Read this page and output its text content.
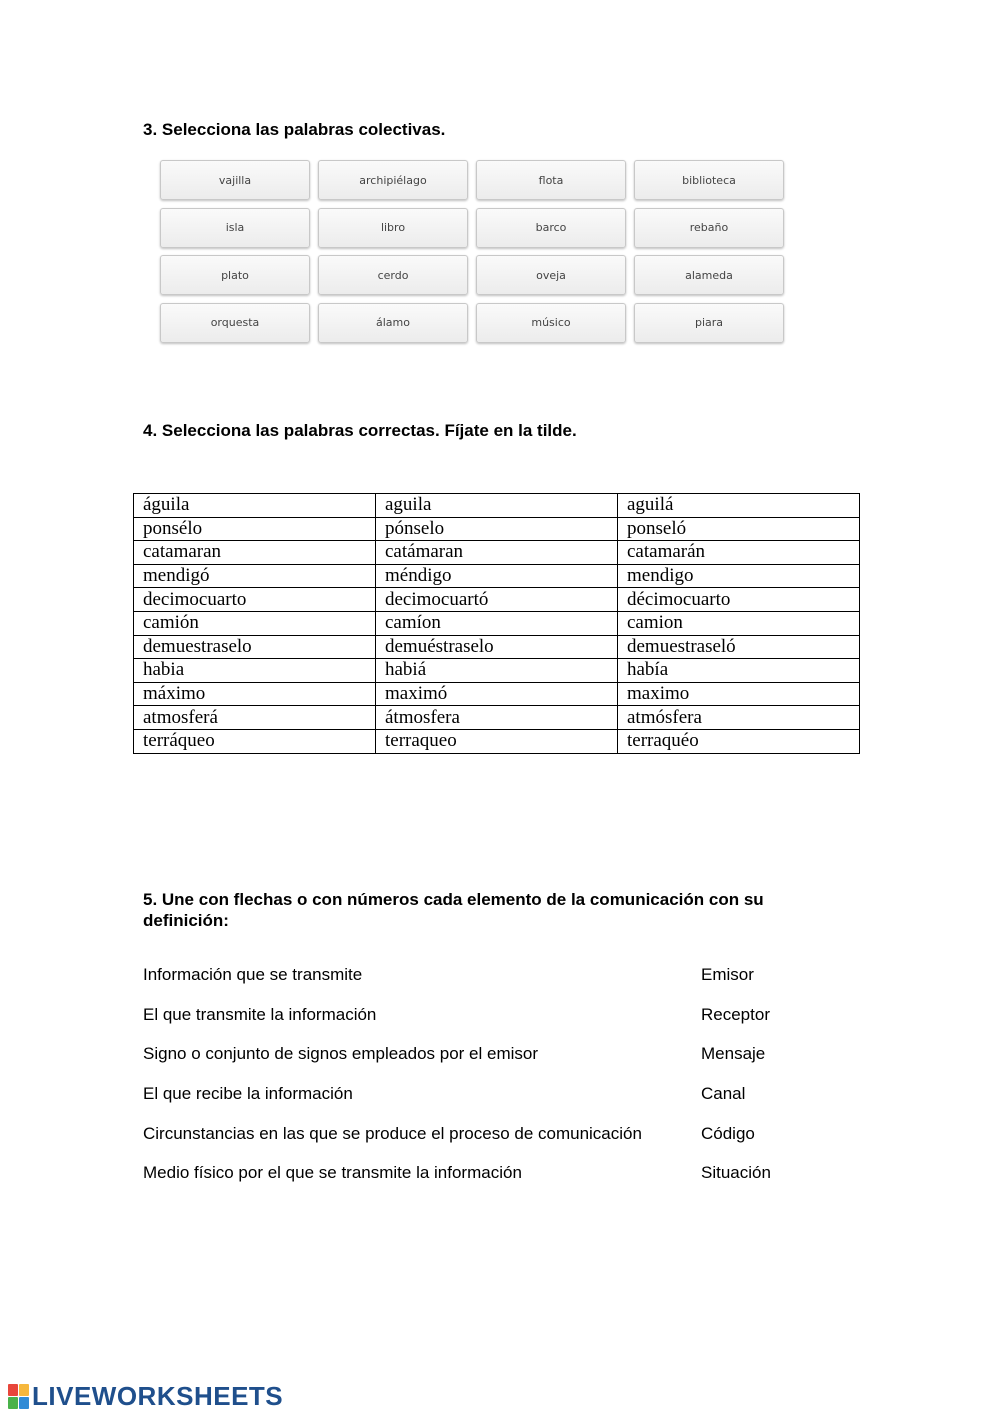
3. Selecciona las palabras colectivas.
vajilla	archipiélago	flota	biblioteca
isla	libro	barco	rebaño
plato	cerdo	oveja	alameda
orquesta	álamo	músico	piara
4. Selecciona las palabras correctas. Fíjate en la tilde.
águila	aguila	aguilá
ponsélo	pónselo	ponseló
catamaran	catámaran	catamarán
mendigó	méndigo	mendigo
decimocuarto	decimocuartó	décimocuarto
camión	camíon	camion
demuestraselo	demuéstraselo	demuestraseló
habia	habiá	había
máximo	maximó	maximo
atmosferá	átmosfera	atmósfera
terráqueo	terraqueo	terraquéo
5. Une con flechas o con números cada elemento de la comunicación con su definición:
Información que se transmite	Emisor
El que transmite la información	Receptor
Signo o conjunto de signos empleados por el emisor	Mensaje
El que recibe la información	Canal
Circunstancias en las que se produce el proceso de comunicación	Código
Medio físico por el que se transmite la información	Situación
LIVEWORKSHEETS
